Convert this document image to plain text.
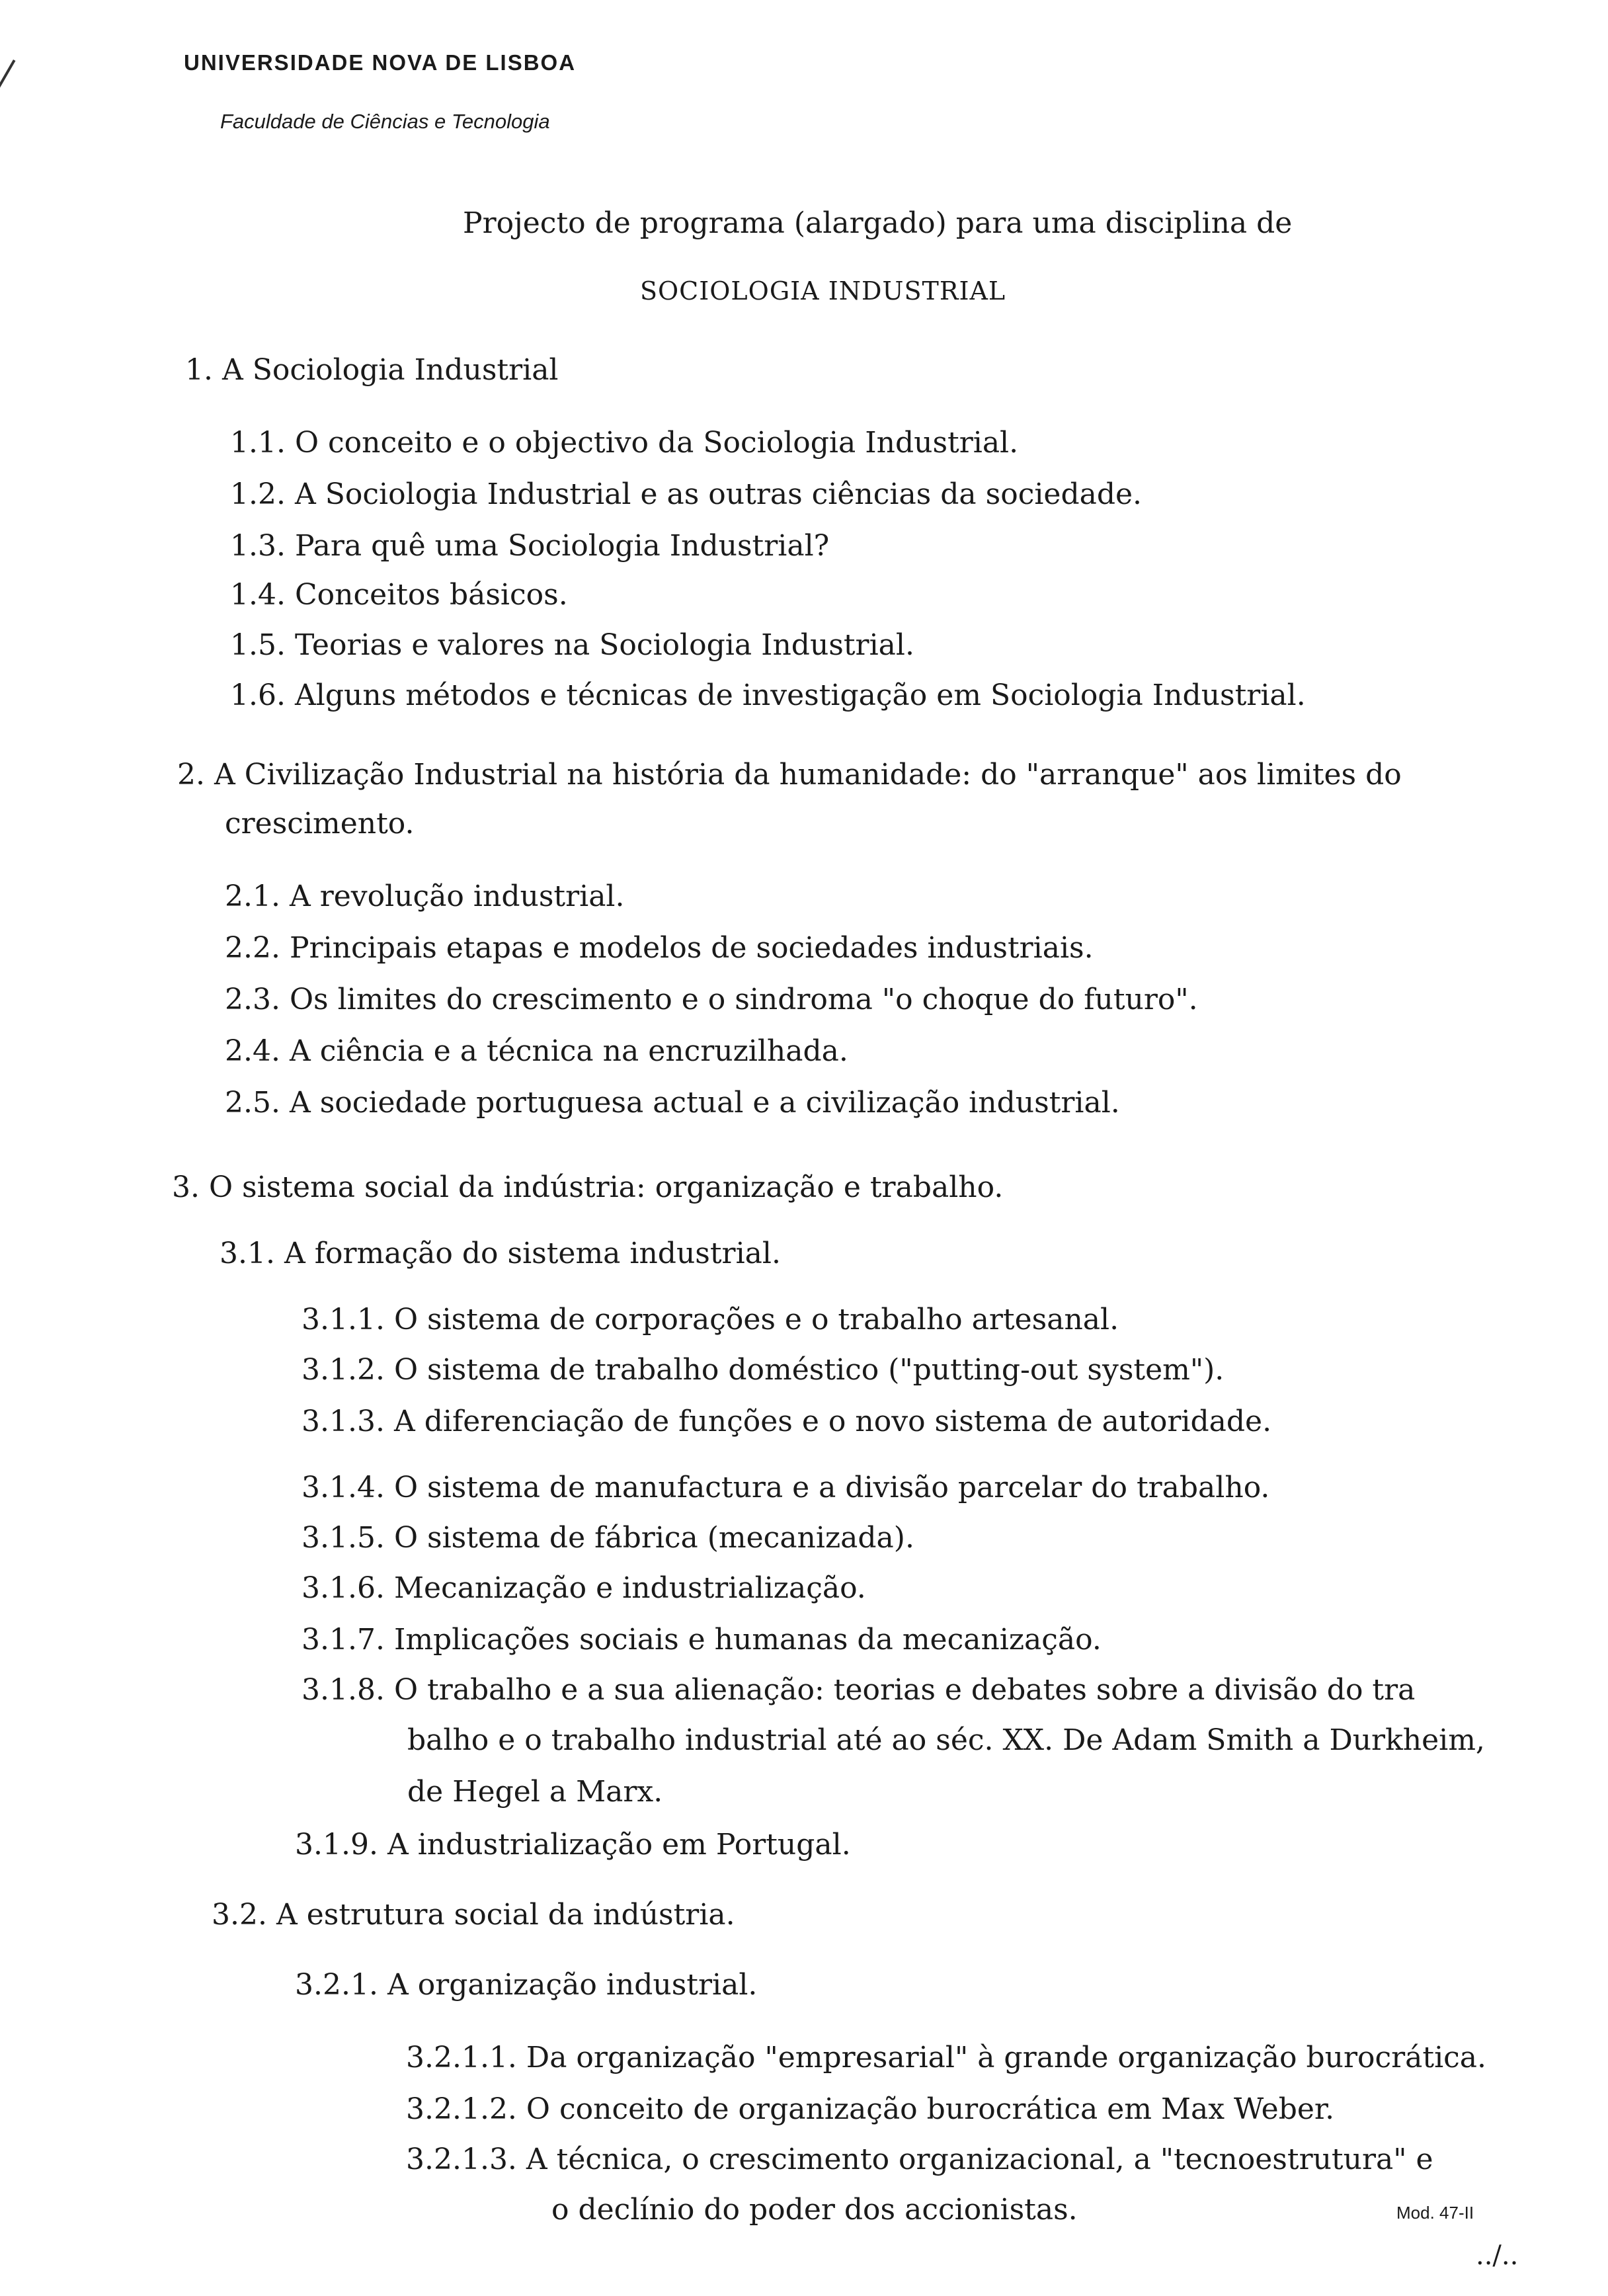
UNIVERSIDADE NOVA DE LISBOA
Faculdade de Ciências e Tecnologia
Projecto de programa (alargado) para uma disciplina de
SOCIOLOGIA INDUSTRIAL
1. A Sociologia Industrial
1.1. O conceito e o objectivo da Sociologia Industrial.
1.2. A Sociologia Industrial e as outras ciências da sociedade.
1.3. Para quê uma Sociologia Industrial?
1.4. Conceitos básicos.
1.5. Teorias e valores na Sociologia Industrial.
1.6. Alguns métodos e técnicas de investigação em Sociologia Industrial.
2. A Civilização Industrial na história da humanidade: do "arranque" aos limites do
crescimento.
2.1. A revolução industrial.
2.2. Principais etapas e modelos de sociedades industriais.
2.3. Os limites do crescimento e o sindroma "o choque do futuro".
2.4. A ciência e a técnica na encruzilhada.
2.5. A sociedade portuguesa actual e a civilização industrial.
3. O sistema social da indústria: organização e trabalho.
3.1. A formação do sistema industrial.
3.1.1. O sistema de corporações e o trabalho artesanal.
3.1.2. O sistema de trabalho doméstico ("putting-out system").
3.1.3. A diferenciação de funções e o novo sistema de autoridade.
3.1.4. O sistema de manufactura e a divisão parcelar do trabalho.
3.1.5. O sistema de fábrica (mecanizada).
3.1.6. Mecanização e industrialização.
3.1.7. Implicações sociais e humanas da mecanização.
3.1.8. O trabalho e a sua alienação: teorias e debates sobre a divisão do tra
balho e o trabalho industrial até ao séc. XX. De Adam Smith a Durkheim,
de Hegel a Marx.
3.1.9. A industrialização em Portugal.
3.2. A estrutura social da indústria.
3.2.1. A organização industrial.
3.2.1.1. Da organização "empresarial" à grande organização burocrática.
3.2.1.2. O conceito de organização burocrática em Max Weber.
3.2.1.3. A técnica, o crescimento organizacional, a "tecnoestrutura" e
o declínio do poder dos accionistas.	Mod. 47-II
../..
